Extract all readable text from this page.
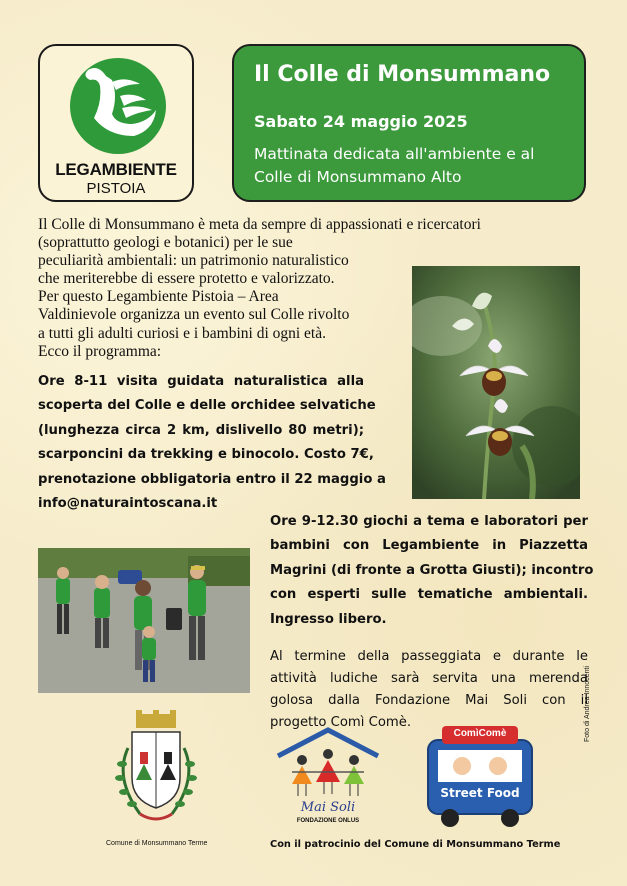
LEGAMBIENTE
PISTOIA
Il Colle di Monsummano
Sabato 24 maggio 2025
Mattinata dedicata all'ambiente e al
Colle di Monsummano Alto
Il Colle di Monsummano è meta da sempre di appassionati e ricercatori
(soprattutto geologi e botanici) per le sue
peculiarità ambientali: un patrimonio naturalistico
che meriterebbe di essere protetto e valorizzato.
Per questo Legambiente Pistoia – Area
Valdinievole organizza un evento sul Colle rivolto
a tutti gli adulti curiosi e i bambini di ogni età.
Ecco il programma:
Ore 8-11 visita guidata naturalistica alla
scoperta del Colle e delle orchidee selvatiche
(lunghezza circa 2 km, dislivello 80 metri);
scarponcini da trekking e binocolo. Costo 7€,
prenotazione obbligatoria entro il 22 maggio a
info@naturaintoscana.it
Ore 9-12.30 giochi a tema e laboratori per
bambini con Legambiente in Piazzetta
Magrini (di fronte a Grotta Giusti); incontro
con esperti sulle tematiche ambientali.
Ingresso libero.
Al termine della passeggiata e durante le
attività ludiche sarà servita una merenda
golosa dalla Fondazione Mai Soli con il
progetto Comì Comè.
Comune di Monsummano Terme
Mai Soli
FONDAZIONE ONLUS
ComìComè
Street Food
Foto di Andrea Innocenti
Con il patrocinio del Comune di Monsummano Terme
